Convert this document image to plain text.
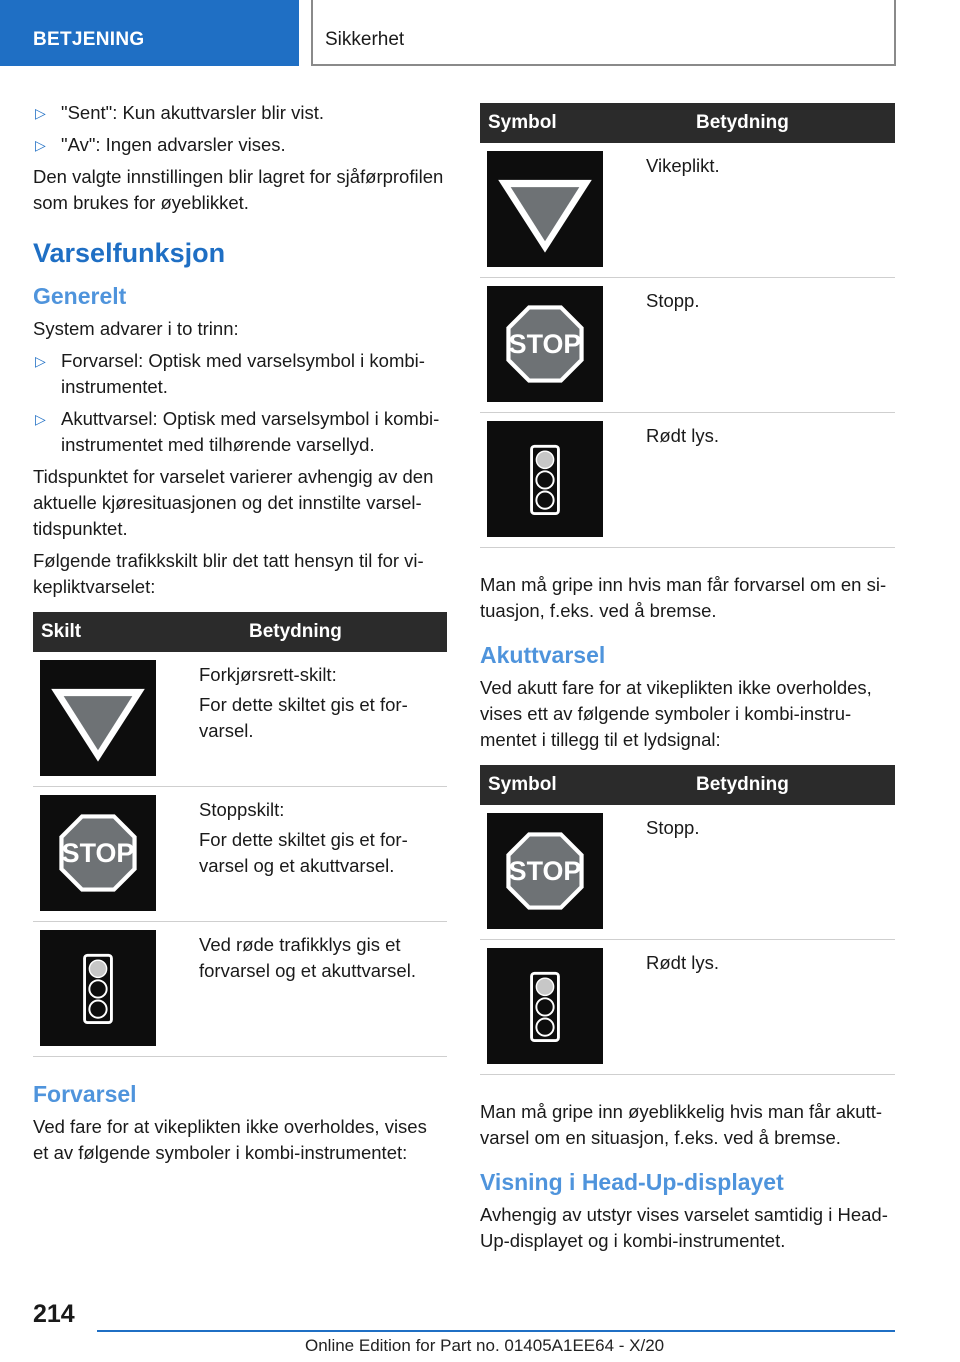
BETJENING	Sikkerhet
▷ "Sent": Kun akuttvarsler blir vist.
▷ "Av": Ingen advarsler vises.

Den valgte innstillingen blir lagret for sjåførprofilen som brukes for øyeblikket.

Varselfunksjon
Generelt

System advarer i to trinn:

▷ Forvarsel: Optisk med varselsymbol i kombiinstrumentet.
▷ Akuttvarsel: Optisk med varselsymbol i kombi-instrumentet med tilhørende varsellyd.

Tidspunktet for varselet varierer avhengig av den aktuelle kjøresituasjonen og det innstilte varseltidspunktet.

Følgende trafikkskilt blir det tatt hensyn til for vikepliktvarselet:

Skilt	Betydning

Forkjørsrett-skilt:
For dette skiltet gis et forvarsel.

Stoppskilt:
For dette skiltet gis et forvarsel og et akuttvarsel.

Ved røde trafikklys gis et forvarsel og et akuttvarsel.
Forvarsel

Ved fare for at vikeplikten ikke overholdes, vises et av følgende symboler i kombi-instrumentet:

Symbol	Betydning

Vikeplikt.

Stopp.

Rødt lys.

Man må gripe inn hvis man får forvarsel om en situasjon, f.eks. ved å bremse.

Akuttvarsel

Ved akutt fare for at vikeplikten ikke overholdes, vises ett av følgende symboler i kombi-instrumentet i tillegg til et lydsignal:

Symbol	Betydning

Stopp.

Rødt lys.

Man må gripe inn øyeblikkelig hvis man får akuttvarsel om en situasjon, f.eks. ved å bremse.

Visning i Head-Up-displayet

Avhengig av utstyr vises varselet samtidig i Head-Up-displayet og i kombi-instrumentet.

214
Online Edition for Part no. 01405A1EE64 - X/20
